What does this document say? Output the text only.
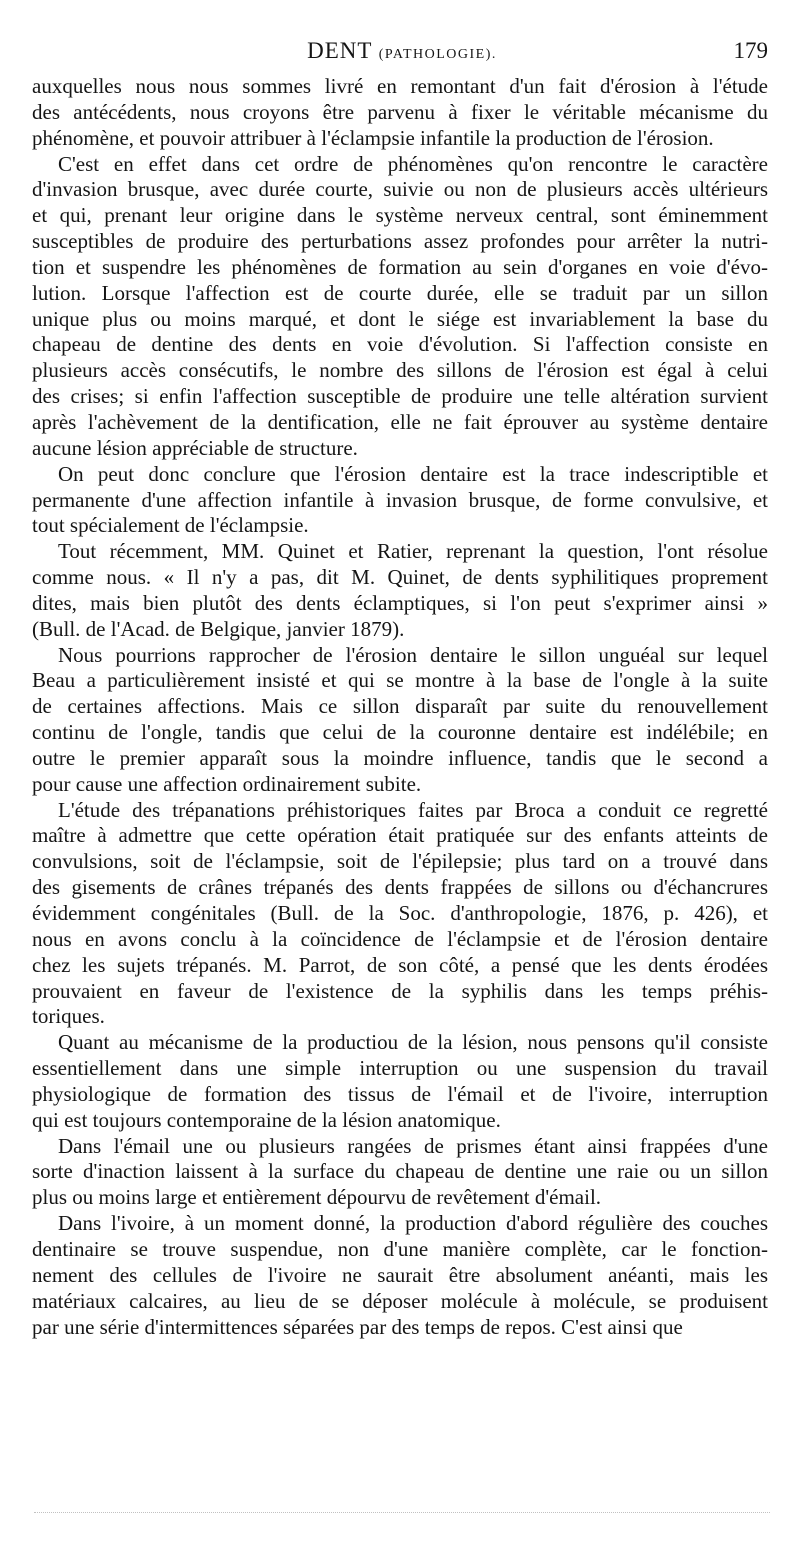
DENT (PATHOLOGIE).	179
auxquelles nous nous sommes livré en remontant d'un fait d'érosion à l'étude
des antécédents, nous croyons être parvenu à fixer le véritable mécanisme du
phénomène, et pouvoir attribuer à l'éclampsie infantile la production de l'érosion.
C'est en effet dans cet ordre de phénomènes qu'on rencontre le caractère
d'invasion brusque, avec durée courte, suivie ou non de plusieurs accès ultérieurs
et qui, prenant leur origine dans le système nerveux central, sont éminemment
susceptibles de produire des perturbations assez profondes pour arrêter la nutri-
tion et suspendre les phénomènes de formation au sein d'organes en voie d'évo-
lution. Lorsque l'affection est de courte durée, elle se traduit par un sillon
unique plus ou moins marqué, et dont le siége est invariablement la base du
chapeau de dentine des dents en voie d'évolution. Si l'affection consiste en
plusieurs accès consécutifs, le nombre des sillons de l'érosion est égal à celui
des crises; si enfin l'affection susceptible de produire une telle altération survient
après l'achèvement de la dentification, elle ne fait éprouver au système dentaire
aucune lésion appréciable de structure.
On peut donc conclure que l'érosion dentaire est la trace indescriptible et
permanente d'une affection infantile à invasion brusque, de forme convulsive, et
tout spécialement de l'éclampsie.
Tout récemment, MM. Quinet et Ratier, reprenant la question, l'ont résolue
comme nous. « Il n'y a pas, dit M. Quinet, de dents syphilitiques proprement
dites, mais bien plutôt des dents éclamptiques, si l'on peut s'exprimer ainsi »
(Bull. de l'Acad. de Belgique, janvier 1879).
Nous pourrions rapprocher de l'érosion dentaire le sillon unguéal sur lequel
Beau a particulièrement insisté et qui se montre à la base de l'ongle à la suite
de certaines affections. Mais ce sillon disparaît par suite du renouvellement
continu de l'ongle, tandis que celui de la couronne dentaire est indélébile; en
outre le premier apparaît sous la moindre influence, tandis que le second a
pour cause une affection ordinairement subite.
L'étude des trépanations préhistoriques faites par Broca a conduit ce regretté
maître à admettre que cette opération était pratiquée sur des enfants atteints de
convulsions, soit de l'éclampsie, soit de l'épilepsie; plus tard on a trouvé dans
des gisements de crânes trépanés des dents frappées de sillons ou d'échancrures
évidemment congénitales (Bull. de la Soc. d'anthropologie, 1876, p. 426), et
nous en avons conclu à la coïncidence de l'éclampsie et de l'érosion dentaire
chez les sujets trépanés. M. Parrot, de son côté, a pensé que les dents érodées
prouvaient en faveur de l'existence de la syphilis dans les temps préhis-
toriques.
Quant au mécanisme de la productiou de la lésion, nous pensons qu'il consiste
essentiellement dans une simple interruption ou une suspension du travail
physiologique de formation des tissus de l'émail et de l'ivoire, interruption
qui est toujours contemporaine de la lésion anatomique.
Dans l'émail une ou plusieurs rangées de prismes étant ainsi frappées d'une
sorte d'inaction laissent à la surface du chapeau de dentine une raie ou un sillon
plus ou moins large et entièrement dépourvu de revêtement d'émail.
Dans l'ivoire, à un moment donné, la production d'abord régulière des couches
dentinaire se trouve suspendue, non d'une manière complète, car le fonction-
nement des cellules de l'ivoire ne saurait être absolument anéanti, mais les
matériaux calcaires, au lieu de se déposer molécule à molécule, se produisent
par une série d'intermittences séparées par des temps de repos. C'est ainsi que
